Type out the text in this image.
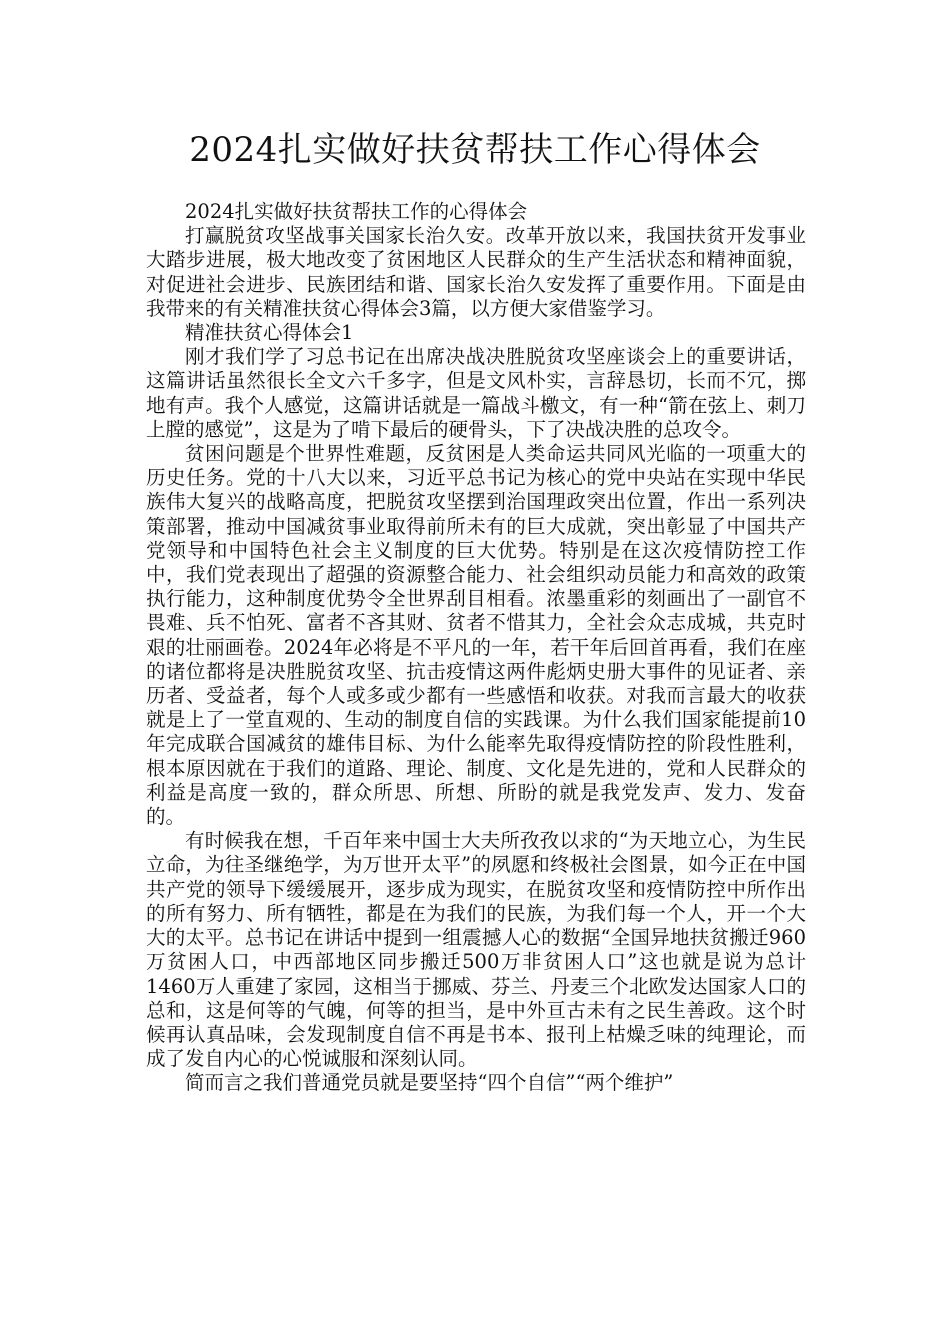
2024扎实做好扶贫帮扶工作心得体会

2024扎实做好扶贫帮扶工作的心得体会

打赢脱贫攻坚战事关国家长治久安。改革开放以来，我国扶贫开发事业大踏步进展，极大地改变了贫困地区人民群众的生产生活状态和精神面貌，对促进社会进步、民族团结和谐、国家长治久安发挥了重要作用。下面是由我带来的有关精准扶贫心得体会3篇，以方便大家借鉴学习。

精准扶贫心得体会1

刚才我们学了习总书记在出席决战决胜脱贫攻坚座谈会上的重要讲话，这篇讲话虽然很长全文六千多字，但是文风朴实，言辞恳切，长而不冗，掷地有声。我个人感觉，这篇讲话就是一篇战斗檄文，有一种“箭在弦上、刺刀上膛的感觉”，这是为了啃下最后的硬骨头，下了决战决胜的总攻令。

贫困问题是个世界性难题，反贫困是人类命运共同风光临的一项重大的历史任务。党的十八大以来，习近平总书记为核心的党中央站在实现中华民族伟大复兴的战略高度，把脱贫攻坚摆到治国理政突出位置，作出一系列决策部署，推动中国减贫事业取得前所未有的巨大成就，突出彰显了中国共产党领导和中国特色社会主义制度的巨大优势。特别是在这次疫情防控工作中，我们党表现出了超强的资源整合能力、社会组织动员能力和高效的政策执行能力，这种制度优势令全世界刮目相看。浓墨重彩的刻画出了一副官不畏难、兵不怕死、富者不吝其财、贫者不惜其力，全社会众志成城，共克时艰的壮丽画卷。2024年必将是不平凡的一年，若干年后回首再看，我们在座的诸位都将是决胜脱贫攻坚、抗击疫情这两件彪炳史册大事件的见证者、亲历者、受益者，每个人或多或少都有一些感悟和收获。对我而言最大的收获就是上了一堂直观的、生动的制度自信的实践课。为什么我们国家能提前10年完成联合国减贫的雄伟目标、为什么能率先取得疫情防控的阶段性胜利，根本原因就在于我们的道路、理论、制度、文化是先进的，党和人民群众的利益是高度一致的，群众所思、所想、所盼的就是我党发声、发力、发奋的。

有时候我在想，千百年来中国士大夫所孜孜以求的“为天地立心，为生民立命，为往圣继绝学，为万世开太平”的夙愿和终极社会图景，如今正在中国共产党的领导下缓缓展开，逐步成为现实，在脱贫攻坚和疫情防控中所作出的所有努力、所有牺牲，都是在为我们的民族，为我们每一个人，开一个大大的太平。总书记在讲话中提到一组震撼人心的数据“全国异地扶贫搬迁960万贫困人口，中西部地区同步搬迁500万非贫困人口”这也就是说为总计1460万人重建了家园，这相当于挪威、芬兰、丹麦三个北欧发达国家人口的总和，这是何等的气魄，何等的担当，是中外亘古未有之民生善政。这个时候再认真品味，会发现制度自信不再是书本、报刊上枯燥乏味的纯理论，而成了发自内心的心悦诚服和深刻认同。

简而言之我们普通党员就是要坚持“四个自信”“两个维护”
